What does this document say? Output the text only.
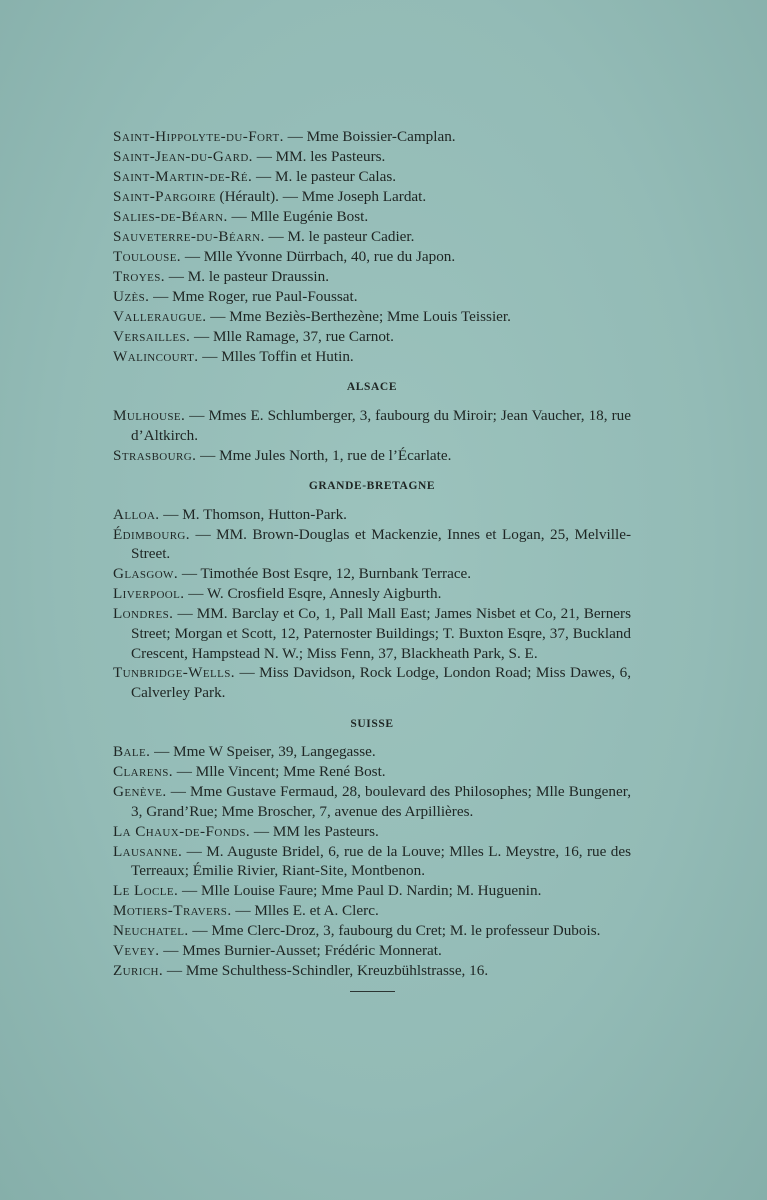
Saint-Hippolyte-du-Fort. — Mme Boissier-Camplan.
Saint-Jean-du-Gard. — MM. les Pasteurs.
Saint-Martin-de-Ré. — M. le pasteur Calas.
Saint-Pargoire (Hérault). — Mme Joseph Lardat.
Salies-de-Béarn. — Mlle Eugénie Bost.
Sauveterre-du-Béarn. — M. le pasteur Cadier.
Toulouse. — Mlle Yvonne Dürrbach, 40, rue du Japon.
Troyes. — M. le pasteur Draussin.
Uzès. — Mme Roger, rue Paul-Foussat.
Valleraugue. — Mme Beziès-Berthezène; Mme Louis Teissier.
Versailles. — Mlle Ramage, 37, rue Carnot.
Walincourt. — Mlles Toffin et Hutin.
ALSACE
Mulhouse. — Mmes E. Schlumberger, 3, faubourg du Miroir; Jean Vaucher, 18, rue d’Altkirch.
Strasbourg. — Mme Jules North, 1, rue de l’Écarlate.
GRANDE-BRETAGNE
Alloa. — M. Thomson, Hutton-Park.
Édimbourg. — MM. Brown-Douglas et Mackenzie, Innes et Logan, 25, Melville-Street.
Glasgow. — Timothée Bost Esqre, 12, Burnbank Terrace.
Liverpool. — W. Crosfield Esqre, Annesly Aigburth.
Londres. — MM. Barclay et Co, 1, Pall Mall East; James Nisbet et Co, 21, Berners Street; Morgan et Scott, 12, Paternoster Buildings; T. Buxton Esqre, 37, Buckland Crescent, Hampstead N. W.; Miss Fenn, 37, Blackheath Park, S. E.
Tunbridge-Wells. — Miss Davidson, Rock Lodge, London Road; Miss Dawes, 6, Calverley Park.
SUISSE
Bale. — Mme W Speiser, 39, Langegasse.
Clarens. — Mlle Vincent; Mme René Bost.
Genève. — Mme Gustave Fermaud, 28, boulevard des Philosophes; Mlle Bungener, 3, Grand’Rue; Mme Broscher, 7, avenue des Arpillières.
La Chaux-de-Fonds. — MM les Pasteurs.
Lausanne. — M. Auguste Bridel, 6, rue de la Louve; Mlles L. Meystre, 16, rue des Terreaux; Émilie Rivier, Riant-Site, Montbenon.
Le Locle. — Mlle Louise Faure; Mme Paul D. Nardin; M. Huguenin.
Motiers-Travers. — Mlles E. et A. Clerc.
Neuchatel. — Mme Clerc-Droz, 3, faubourg du Cret; M. le professeur Dubois.
Vevey. — Mmes Burnier-Ausset; Frédéric Monnerat.
Zurich. — Mme Schulthess-Schindler, Kreuzbühlstrasse, 16.
